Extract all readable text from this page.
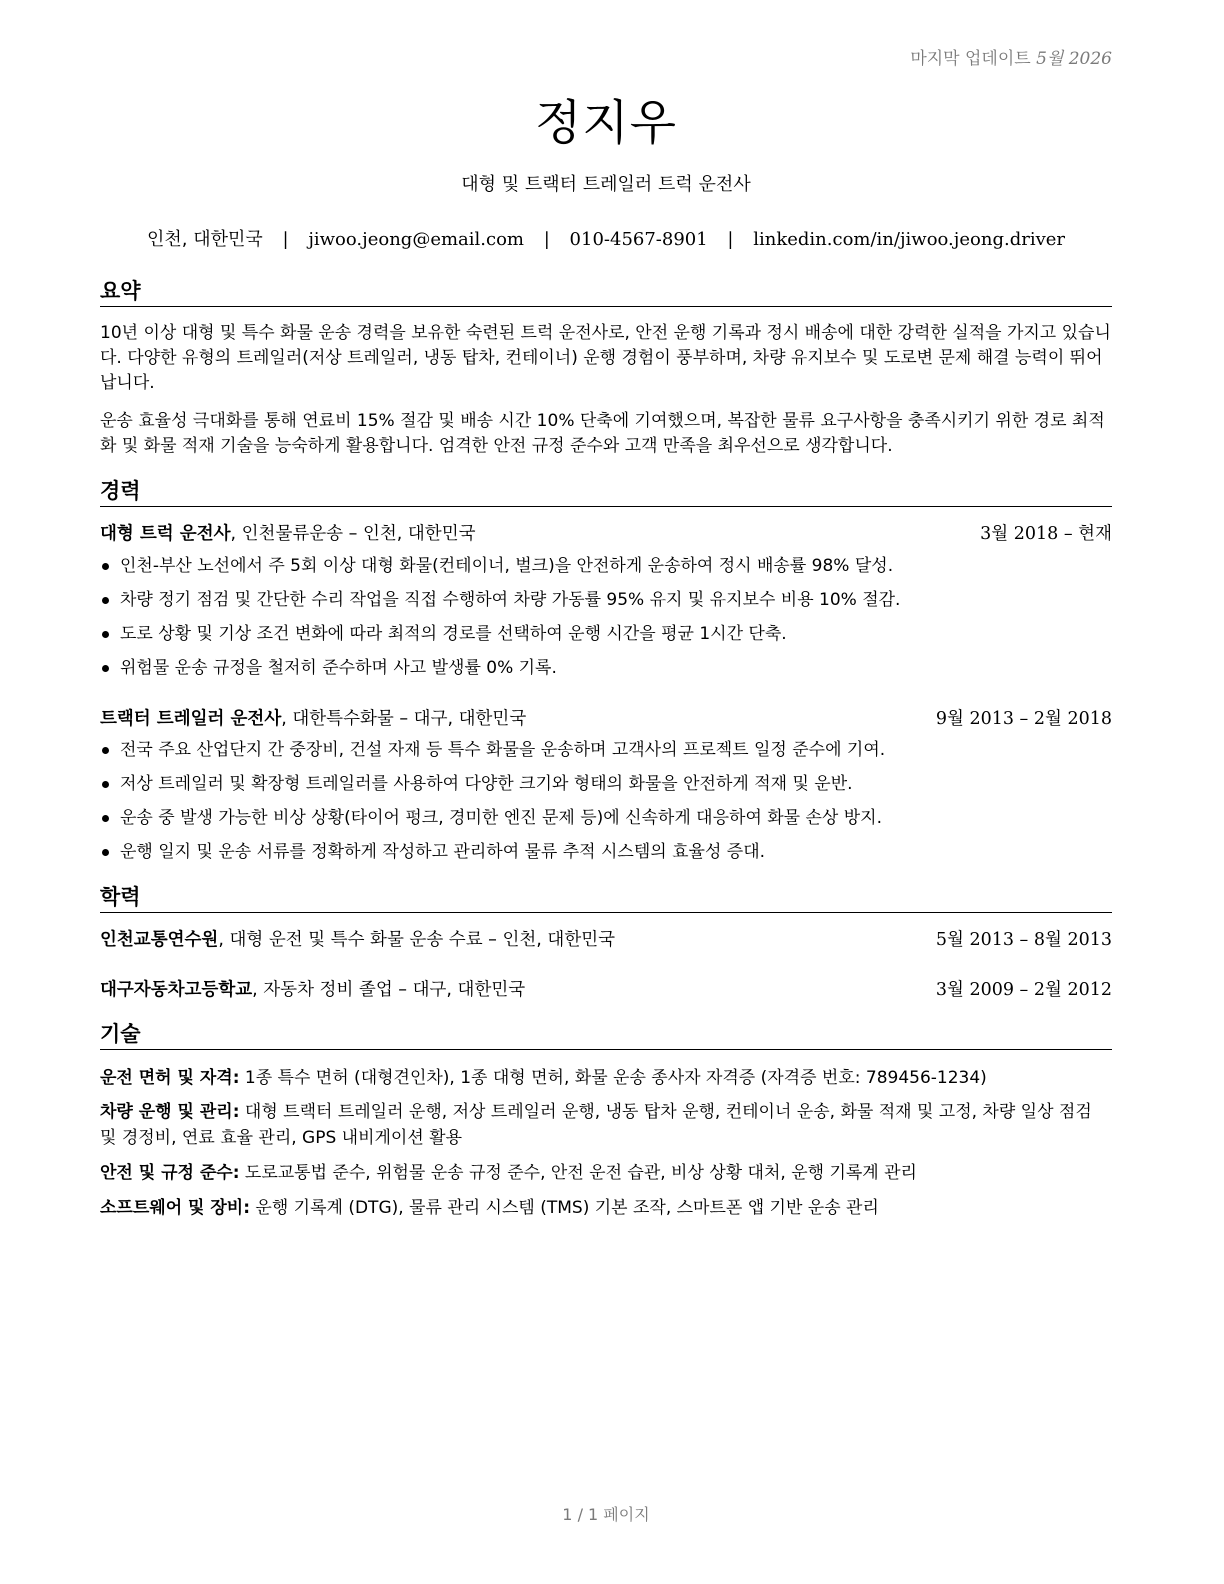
마지막 업데이트 5월 2026
정지우
대형 및 트랙터 트레일러 트럭 운전사
인천, 대한민국 | jiwoo.jeong@email.com | 010-4567-8901 | linkedin.com/in/jiwoo.jeong.driver
요약
10년 이상 대형 및 특수 화물 운송 경력을 보유한 숙련된 트럭 운전사로, 안전 운행 기록과 정시 배송에 대한 강력한 실적을 가지고 있습니다. 다양한 유형의 트레일러(저상 트레일러, 냉동 탑차, 컨테이너) 운행 경험이 풍부하며, 차량 유지보수 및 도로변 문제 해결 능력이 뛰어납니다.
운송 효율성 극대화를 통해 연료비 15% 절감 및 배송 시간 10% 단축에 기여했으며, 복잡한 물류 요구사항을 충족시키기 위한 경로 최적화 및 화물 적재 기술을 능숙하게 활용합니다. 엄격한 안전 규정 준수와 고객 만족을 최우선으로 생각합니다.
경력
대형 트럭 운전사, 인천물류운송 – 인천, 대한민국	3월 2018 – 현재
인천-부산 노선에서 주 5회 이상 대형 화물(컨테이너, 벌크)을 안전하게 운송하여 정시 배송률 98% 달성.
차량 정기 점검 및 간단한 수리 작업을 직접 수행하여 차량 가동률 95% 유지 및 유지보수 비용 10% 절감.
도로 상황 및 기상 조건 변화에 따라 최적의 경로를 선택하여 운행 시간을 평균 1시간 단축.
위험물 운송 규정을 철저히 준수하며 사고 발생률 0% 기록.
트랙터 트레일러 운전사, 대한특수화물 – 대구, 대한민국	9월 2013 – 2월 2018
전국 주요 산업단지 간 중장비, 건설 자재 등 특수 화물을 운송하며 고객사의 프로젝트 일정 준수에 기여.
저상 트레일러 및 확장형 트레일러를 사용하여 다양한 크기와 형태의 화물을 안전하게 적재 및 운반.
운송 중 발생 가능한 비상 상황(타이어 펑크, 경미한 엔진 문제 등)에 신속하게 대응하여 화물 손상 방지.
운행 일지 및 운송 서류를 정확하게 작성하고 관리하여 물류 추적 시스템의 효율성 증대.
학력
인천교통연수원, 대형 운전 및 특수 화물 운송 수료 – 인천, 대한민국	5월 2013 – 8월 2013
대구자동차고등학교, 자동차 정비 졸업 – 대구, 대한민국	3월 2009 – 2월 2012
기술
운전 면허 및 자격: 1종 특수 면허 (대형견인차), 1종 대형 면허, 화물 운송 종사자 자격증 (자격증 번호: 789456-1234)
차량 운행 및 관리: 대형 트랙터 트레일러 운행, 저상 트레일러 운행, 냉동 탑차 운행, 컨테이너 운송, 화물 적재 및 고정, 차량 일상 점검 및 경정비, 연료 효율 관리, GPS 내비게이션 활용
안전 및 규정 준수: 도로교통법 준수, 위험물 운송 규정 준수, 안전 운전 습관, 비상 상황 대처, 운행 기록계 관리
소프트웨어 및 장비: 운행 기록계 (DTG), 물류 관리 시스템 (TMS) 기본 조작, 스마트폰 앱 기반 운송 관리
1 / 1 페이지
